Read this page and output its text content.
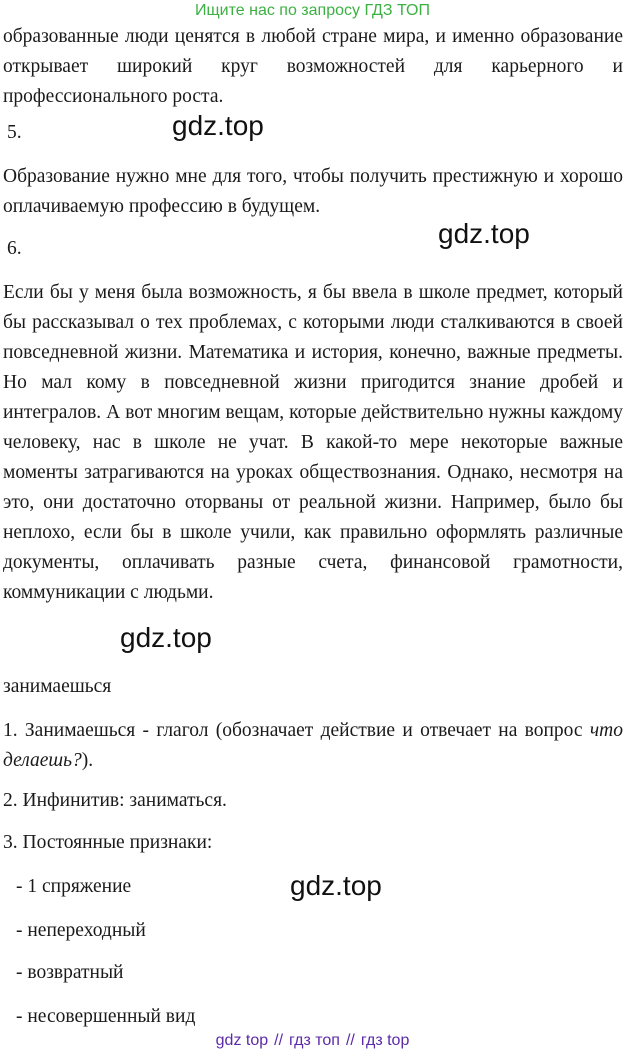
Ищите нас по запросу ГДЗ ТОП
образованные люди ценятся в любой стране мира, и именно образование открывает широкий круг возможностей для карьерного и профессионального роста.
5.	gdz.top
Образование нужно мне для того, чтобы получить престижную и хорошо оплачиваемую профессию в будущем.
6.	gdz.top
Если бы у меня была возможность, я бы ввела в школе предмет, который бы рассказывал о тех проблемах, с которыми люди сталкиваются в своей повседневной жизни. Математика и история, конечно, важные предметы. Но мал кому в повседневной жизни пригодится знание дробей и интегралов. А вот многим вещам, которые действительно нужны каждому человеку, нас в школе не учат. В какой-то мере некоторые важные моменты затрагиваются на уроках обществознания. Однако, несмотря на это, они достаточно оторваны от реальной жизни. Например, было бы неплохо, если бы в школе учили, как правильно оформлять различные документы, оплачивать разные счета, финансовой грамотности, коммуникации с людьми.
gdz.top
занимаешься
1. Занимаешься - глагол (обозначает действие и отвечает на вопрос что делаешь?).
2. Инфинитив: заниматься.
3. Постоянные признаки:
- 1 спряжение	gdz.top
- непереходный
- возвратный
- несовершенный вид
gdz top // гдз топ // гдз top
